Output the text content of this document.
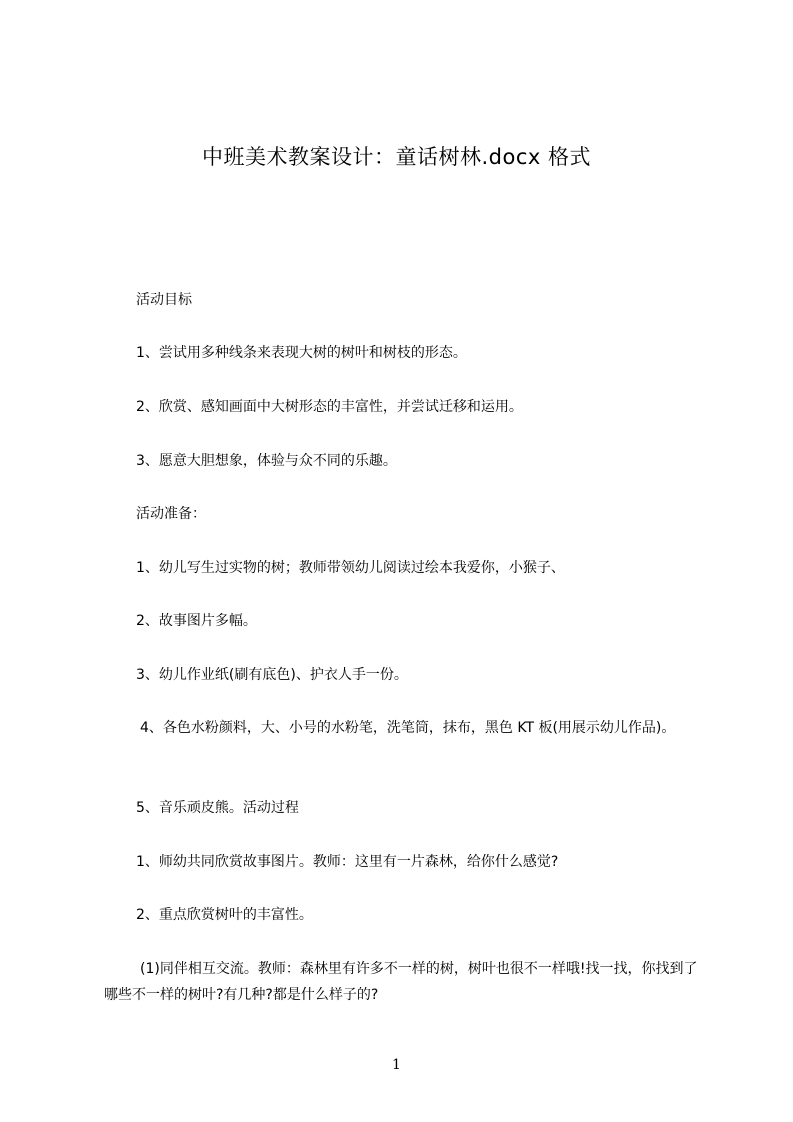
中班美术教案设计：童话树林.docx 格式
活动目标
1、尝试用多种线条来表现大树的树叶和树枝的形态。
2、欣赏、感知画面中大树形态的丰富性，并尝试迁移和运用。
3、愿意大胆想象，体验与众不同的乐趣。
活动准备：
1、幼儿写生过实物的树；教师带领幼儿阅读过绘本我爱你，小猴子、
2、故事图片多幅。
3、幼儿作业纸(刷有底色)、护衣人手一份。
4、各色水粉颜料，大、小号的水粉笔，洗笔筒，抹布，黑色 KT 板(用展示幼儿作品)。
5、音乐顽皮熊。活动过程
1、师幼共同欣赏故事图片。教师：这里有一片森林，给你什么感觉?
2、重点欣赏树叶的丰富性。
(1)同伴相互交流。教师：森林里有许多不一样的树，树叶也很不一样哦!找一找，你找到了哪些不一样的树叶?有几种?都是什么样子的?
1
